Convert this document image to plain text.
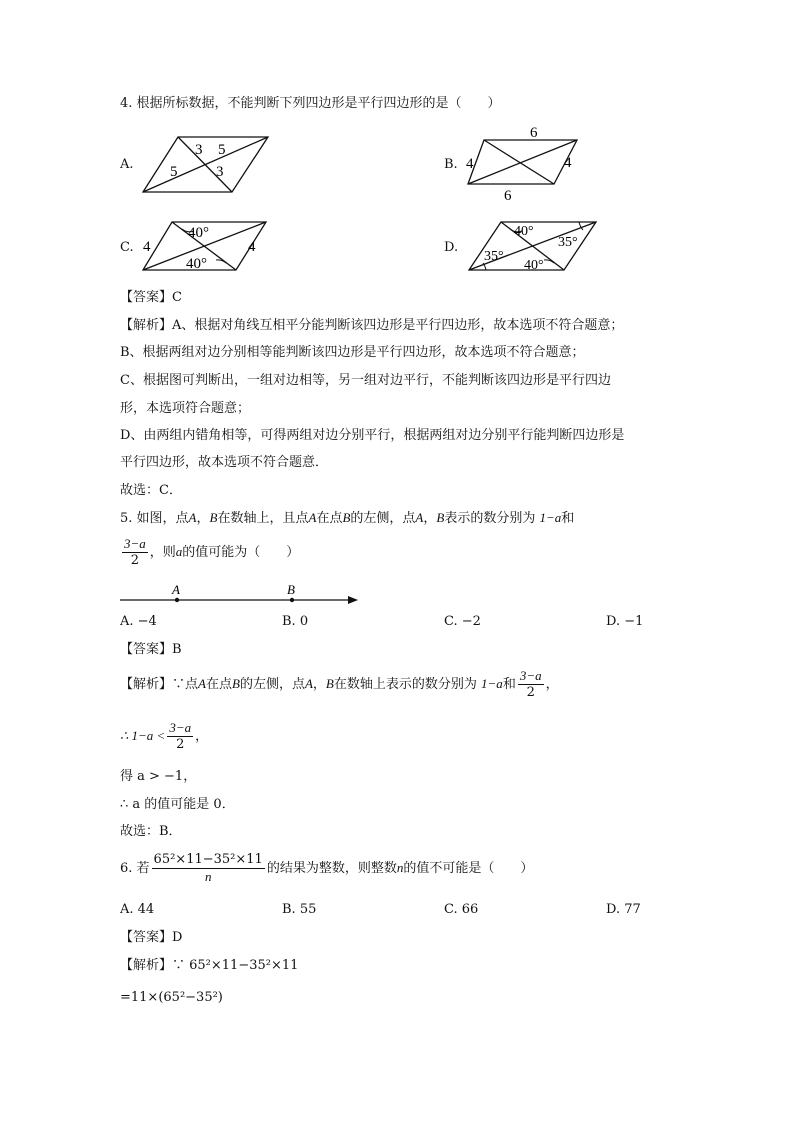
4. 根据所标数据，不能判断下列四边形是平行四边形的是（　　）
A.
3 5
5	3	B.
6
4	4
6
C. 4
40°
40°
4	D.
40°
35°
35°
40°
【答案】C
【解析】A、根据对角线互相平分能判断该四边形是平行四边形，故本选项不符合题意；
B、根据两组对边分别相等能判断该四边形是平行四边形，故本选项不符合题意；
C、根据图可判断出，一组对边相等，另一组对边平行，不能判断该四边形是平行四边
形，本选项符合题意；
D、由两组内错角相等，可得两组对边分别平行，根据两组对边分别平行能判断四边形是
平行四边形，故本选项不符合题意．
故选：C．
5. 如图，点A，B在数轴上，且点A在点B的左侧，点A，B表示的数分别为 1−a和
$\frac{3-a}{2}$ ，则a的值可能为（　　）
A	B
A. −4	B. 0	C. −2	D. −1
【答案】B
【解析】∵点A在点B的左侧，点A，B在数轴上表示的数分别为 1−a和 $\frac{3-a}{2}$ ，
∴ $1-a < \frac{3-a}{2}$ ，
得 a > −1，
∴ a 的值可能是 0．
故选：B．
6. 若 $\frac{\text{65²×11−35²×11}}{n}$ 的结果为整数，则整数n的值不可能是（　　）
A. 44	B. 55	C. 66	D. 77
【答案】D
【解析】∵ 65²×11−35²×11
=11×(65²−35²)
